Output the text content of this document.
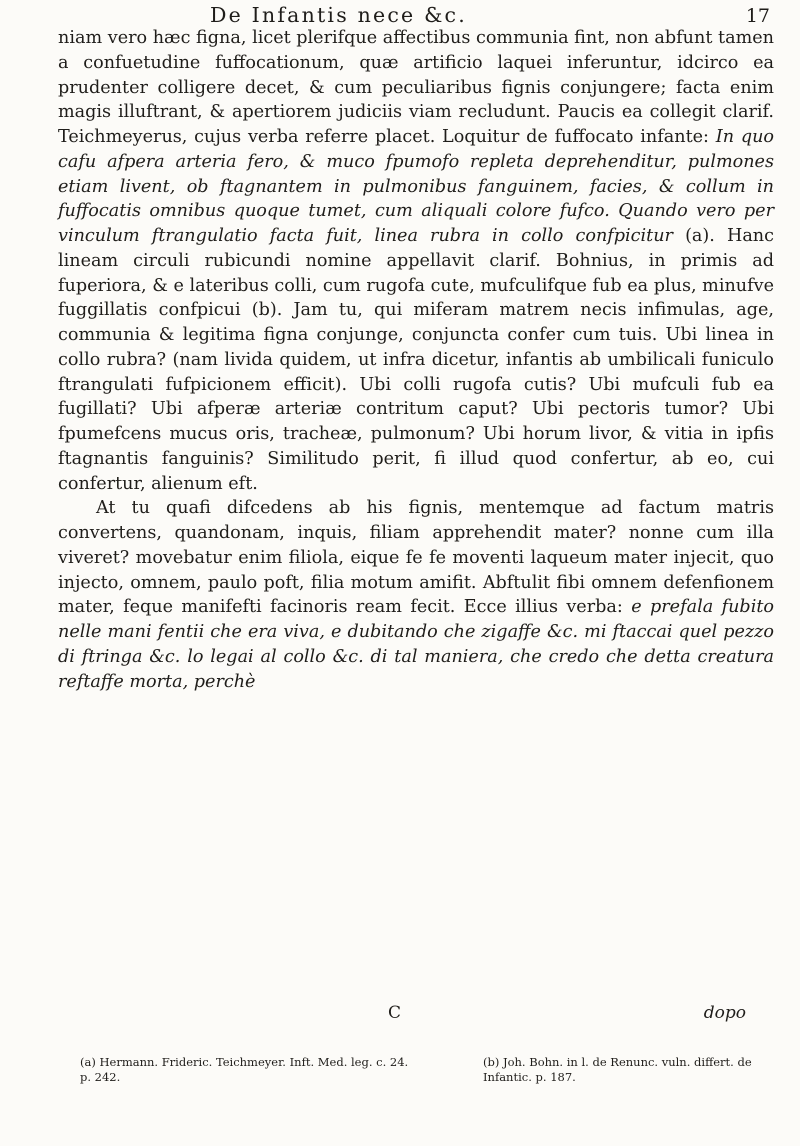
De Infantis nece &c.	17

niam vero hæc figna, licet plerifque affectibus communia fint, non abfunt tamen a confuetudine fuffocationum, quæ artificio laquei inferuntur, idcirco ea prudenter colligere decet, & cum peculiaribus fignis conjungere; facta enim magis illuftrant, & apertiorem judiciis viam recludunt. Paucis ea collegit clarif. Teichmeyerus, cujus verba referre placet. Loquitur de fuffocato infante: In quo cafu afpera arteria fero, & muco fpumofo repleta deprehenditur, pulmones etiam livent, ob ftagnantem in pulmonibus fanguinem, facies, & collum in fuffocatis omnibus quoque tumet, cum aliquali colore fufco. Quando vero per vinculum ftrangulatio facta fuit, linea rubra in collo confpicitur (a). Hanc lineam circuli rubicundi nomine appellavit clarif. Bohnius, in primis ad fuperiora, & e lateribus colli, cum rugofa cute, mufculifque fub ea plus, minufve fuggillatis confpicui (b). Jam tu, qui miferam matrem necis infimulas, age, communia & legitima figna conjunge, conjuncta confer cum tuis. Ubi linea in collo rubra? (nam livida quidem, ut infra dicetur, infantis ab umbilicali funiculo ftrangulati fufpicionem efficit). Ubi colli rugofa cutis? Ubi mufculi fub ea fugillati? Ubi afperæ arteriæ contritum caput? Ubi pectoris tumor? Ubi fpumefcens mucus oris, tracheæ, pulmonum? Ubi horum livor, & vitia in ipfis ftagnantis fanguinis? Similitudo perit, fi illud quod confertur, ab eo, cui confertur, alienum eft.

At tu quafi difcedens ab his fignis, mentemque ad factum matris convertens, quandonam, inquis, filiam apprehendit mater? nonne cum illa viveret? movebatur enim filiola, eique fe fe moventi laqueum mater injecit, quo injecto, omnem, paulo poft, filia motum amifit. Abftulit fibi omnem defenfionem mater, feque manifefti facinoris ream fecit. Ecce illius verba: e prefala fubito nelle mani fentii che era viva, e dubitando che zigaffe &c. mi ftaccai quel pezzo di ftringa &c. lo legai al collo &c. di tal maniera, che credo che detta creatura reftaffe morta, perchè

C	dopo
(a) Hermann. Frideric. Teichmeyer. Inft. Med. leg. c. 24. p. 242.
(b) Joh. Bohn. in l. de Renunc. vuln. differt. de Infantic. p. 187.
